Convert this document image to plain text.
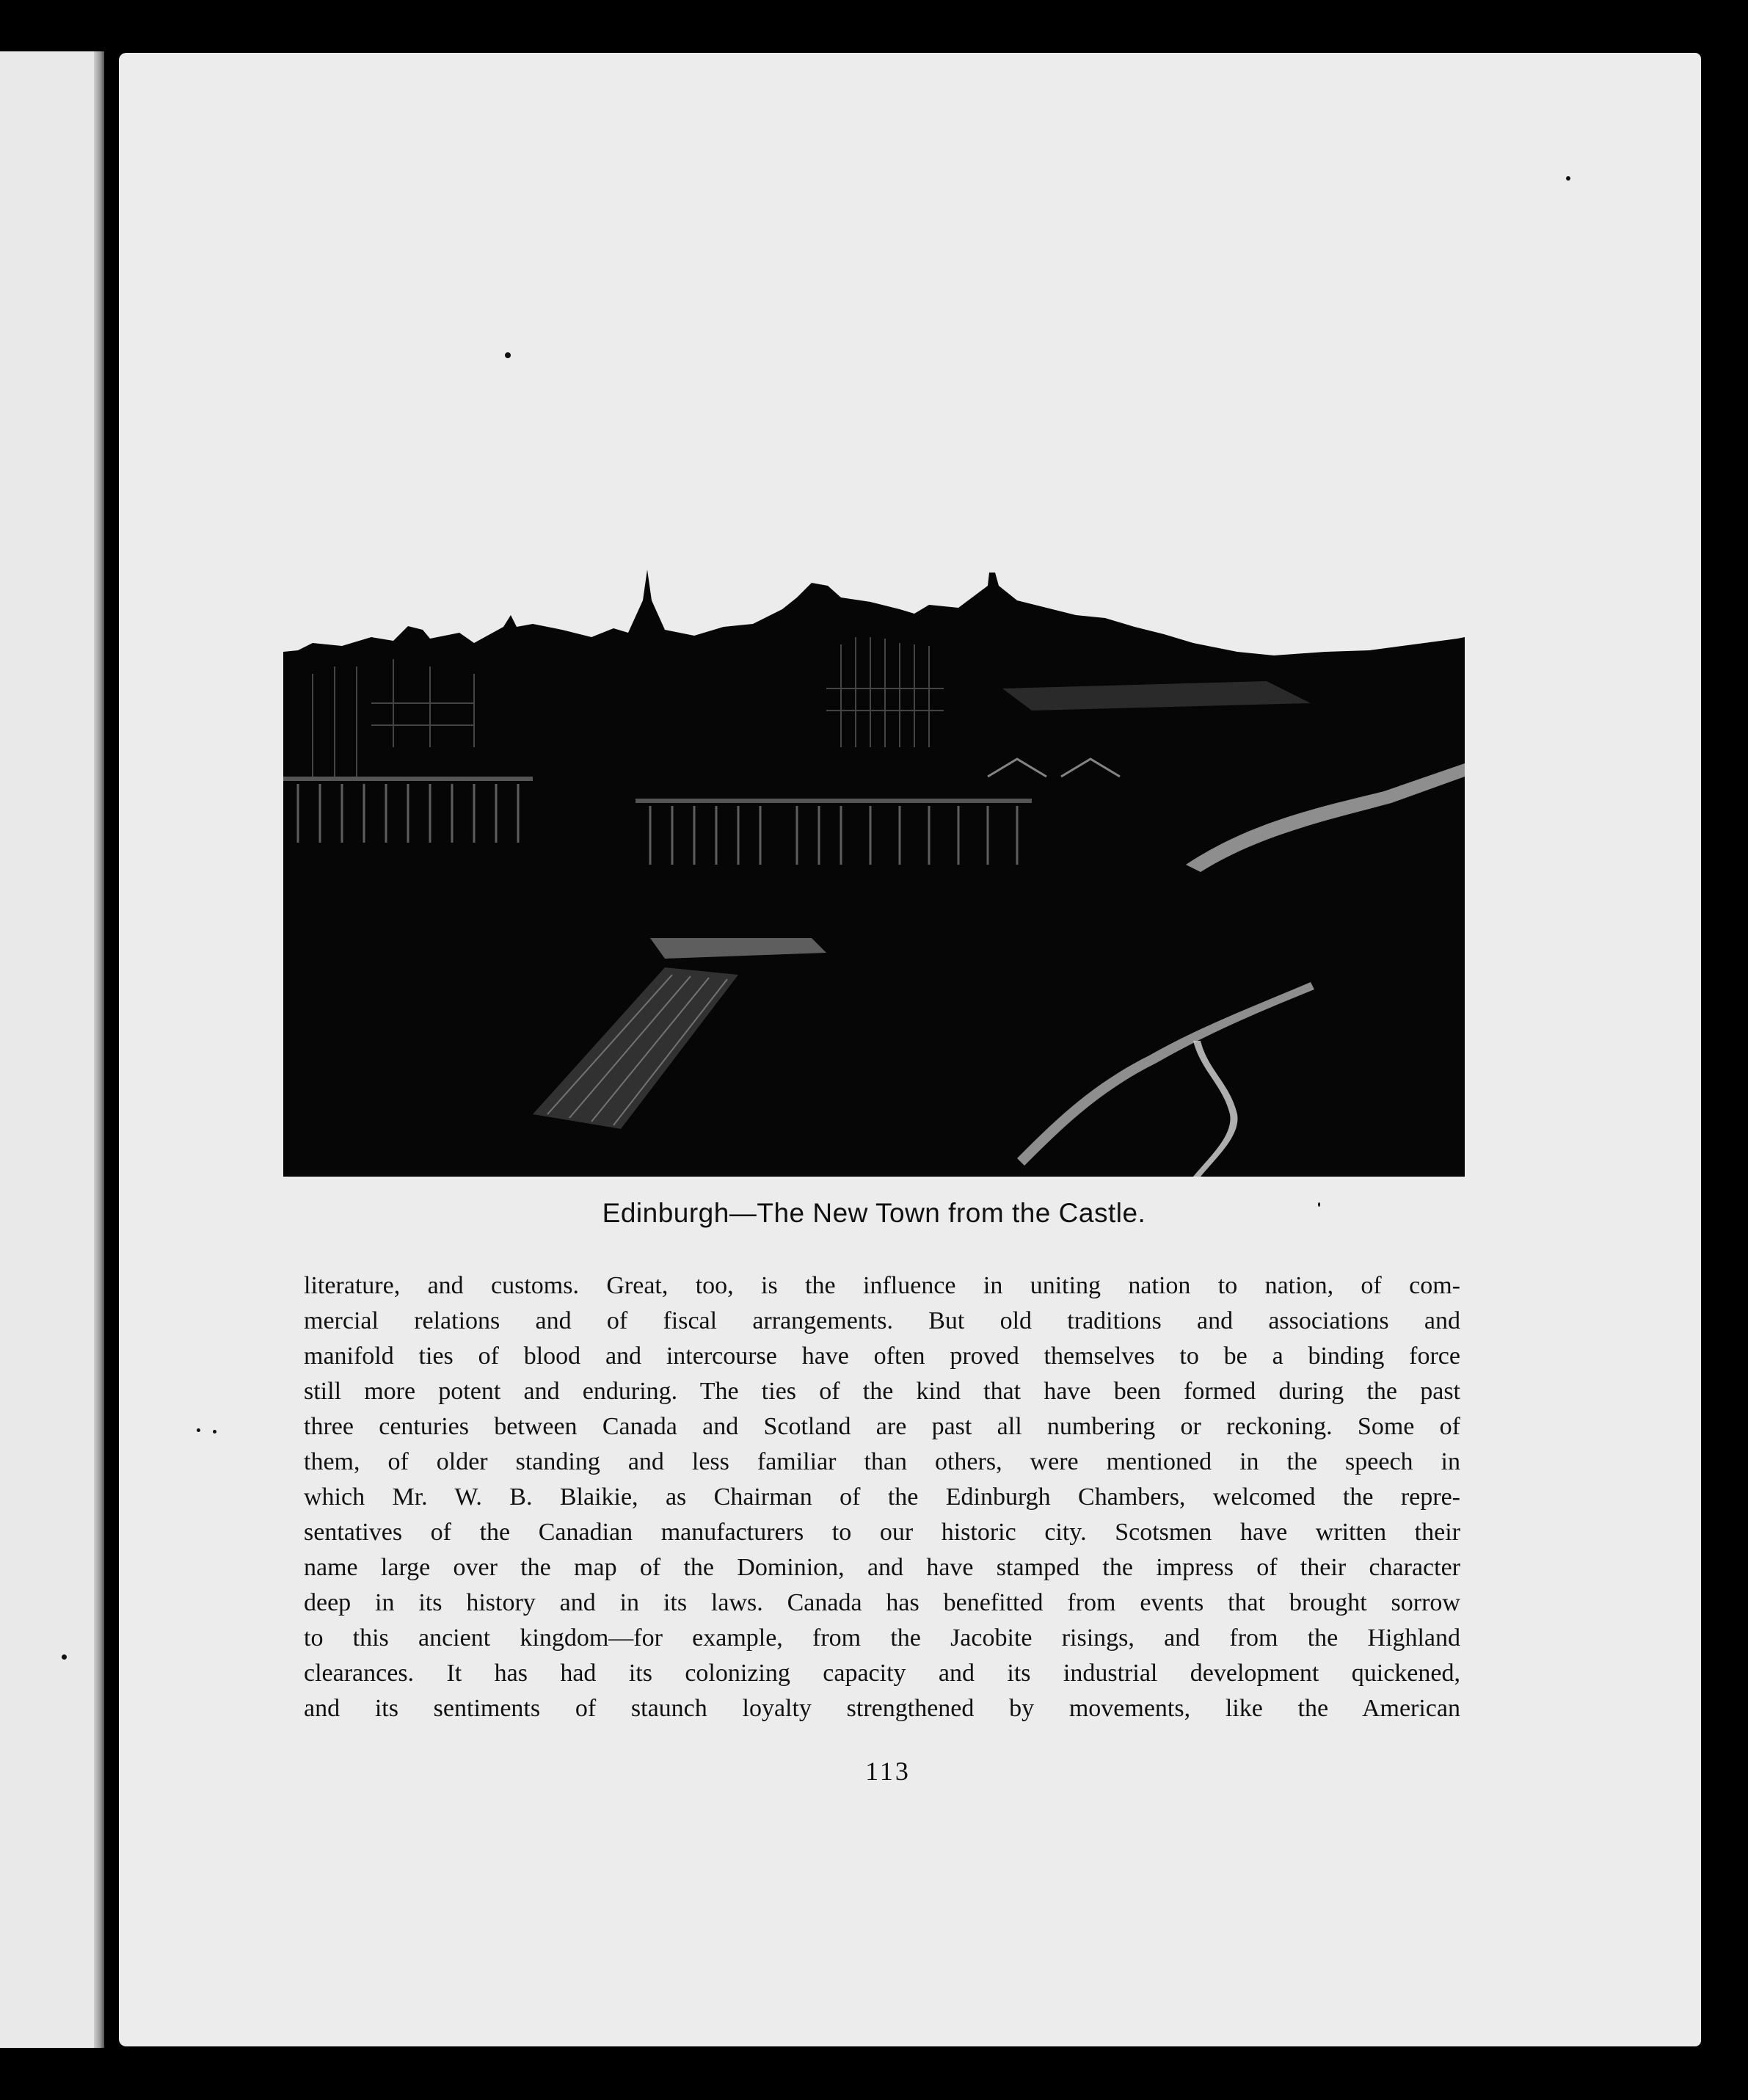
Edinburgh—The New Town from the Castle.
literature, and customs. Great, too, is the influence in uniting nation to nation, of com-
mercial relations and of fiscal arrangements. But old traditions and associations and
manifold ties of blood and intercourse have often proved themselves to be a binding force
still more potent and enduring. The ties of the kind that have been formed during the past
three centuries between Canada and Scotland are past all numbering or reckoning. Some of
them, of older standing and less familiar than others, were mentioned in the speech in
which Mr. W. B. Blaikie, as Chairman of the Edinburgh Chambers, welcomed the repre-
sentatives of the Canadian manufacturers to our historic city. Scotsmen have written their
name large over the map of the Dominion, and have stamped the impress of their character
deep in its history and in its laws. Canada has benefitted from events that brought sorrow
to this ancient kingdom—for example, from the Jacobite risings, and from the Highland
clearances. It has had its colonizing capacity and its industrial development quickened,
and its sentiments of staunch loyalty strengthened by movements, like the American
113
